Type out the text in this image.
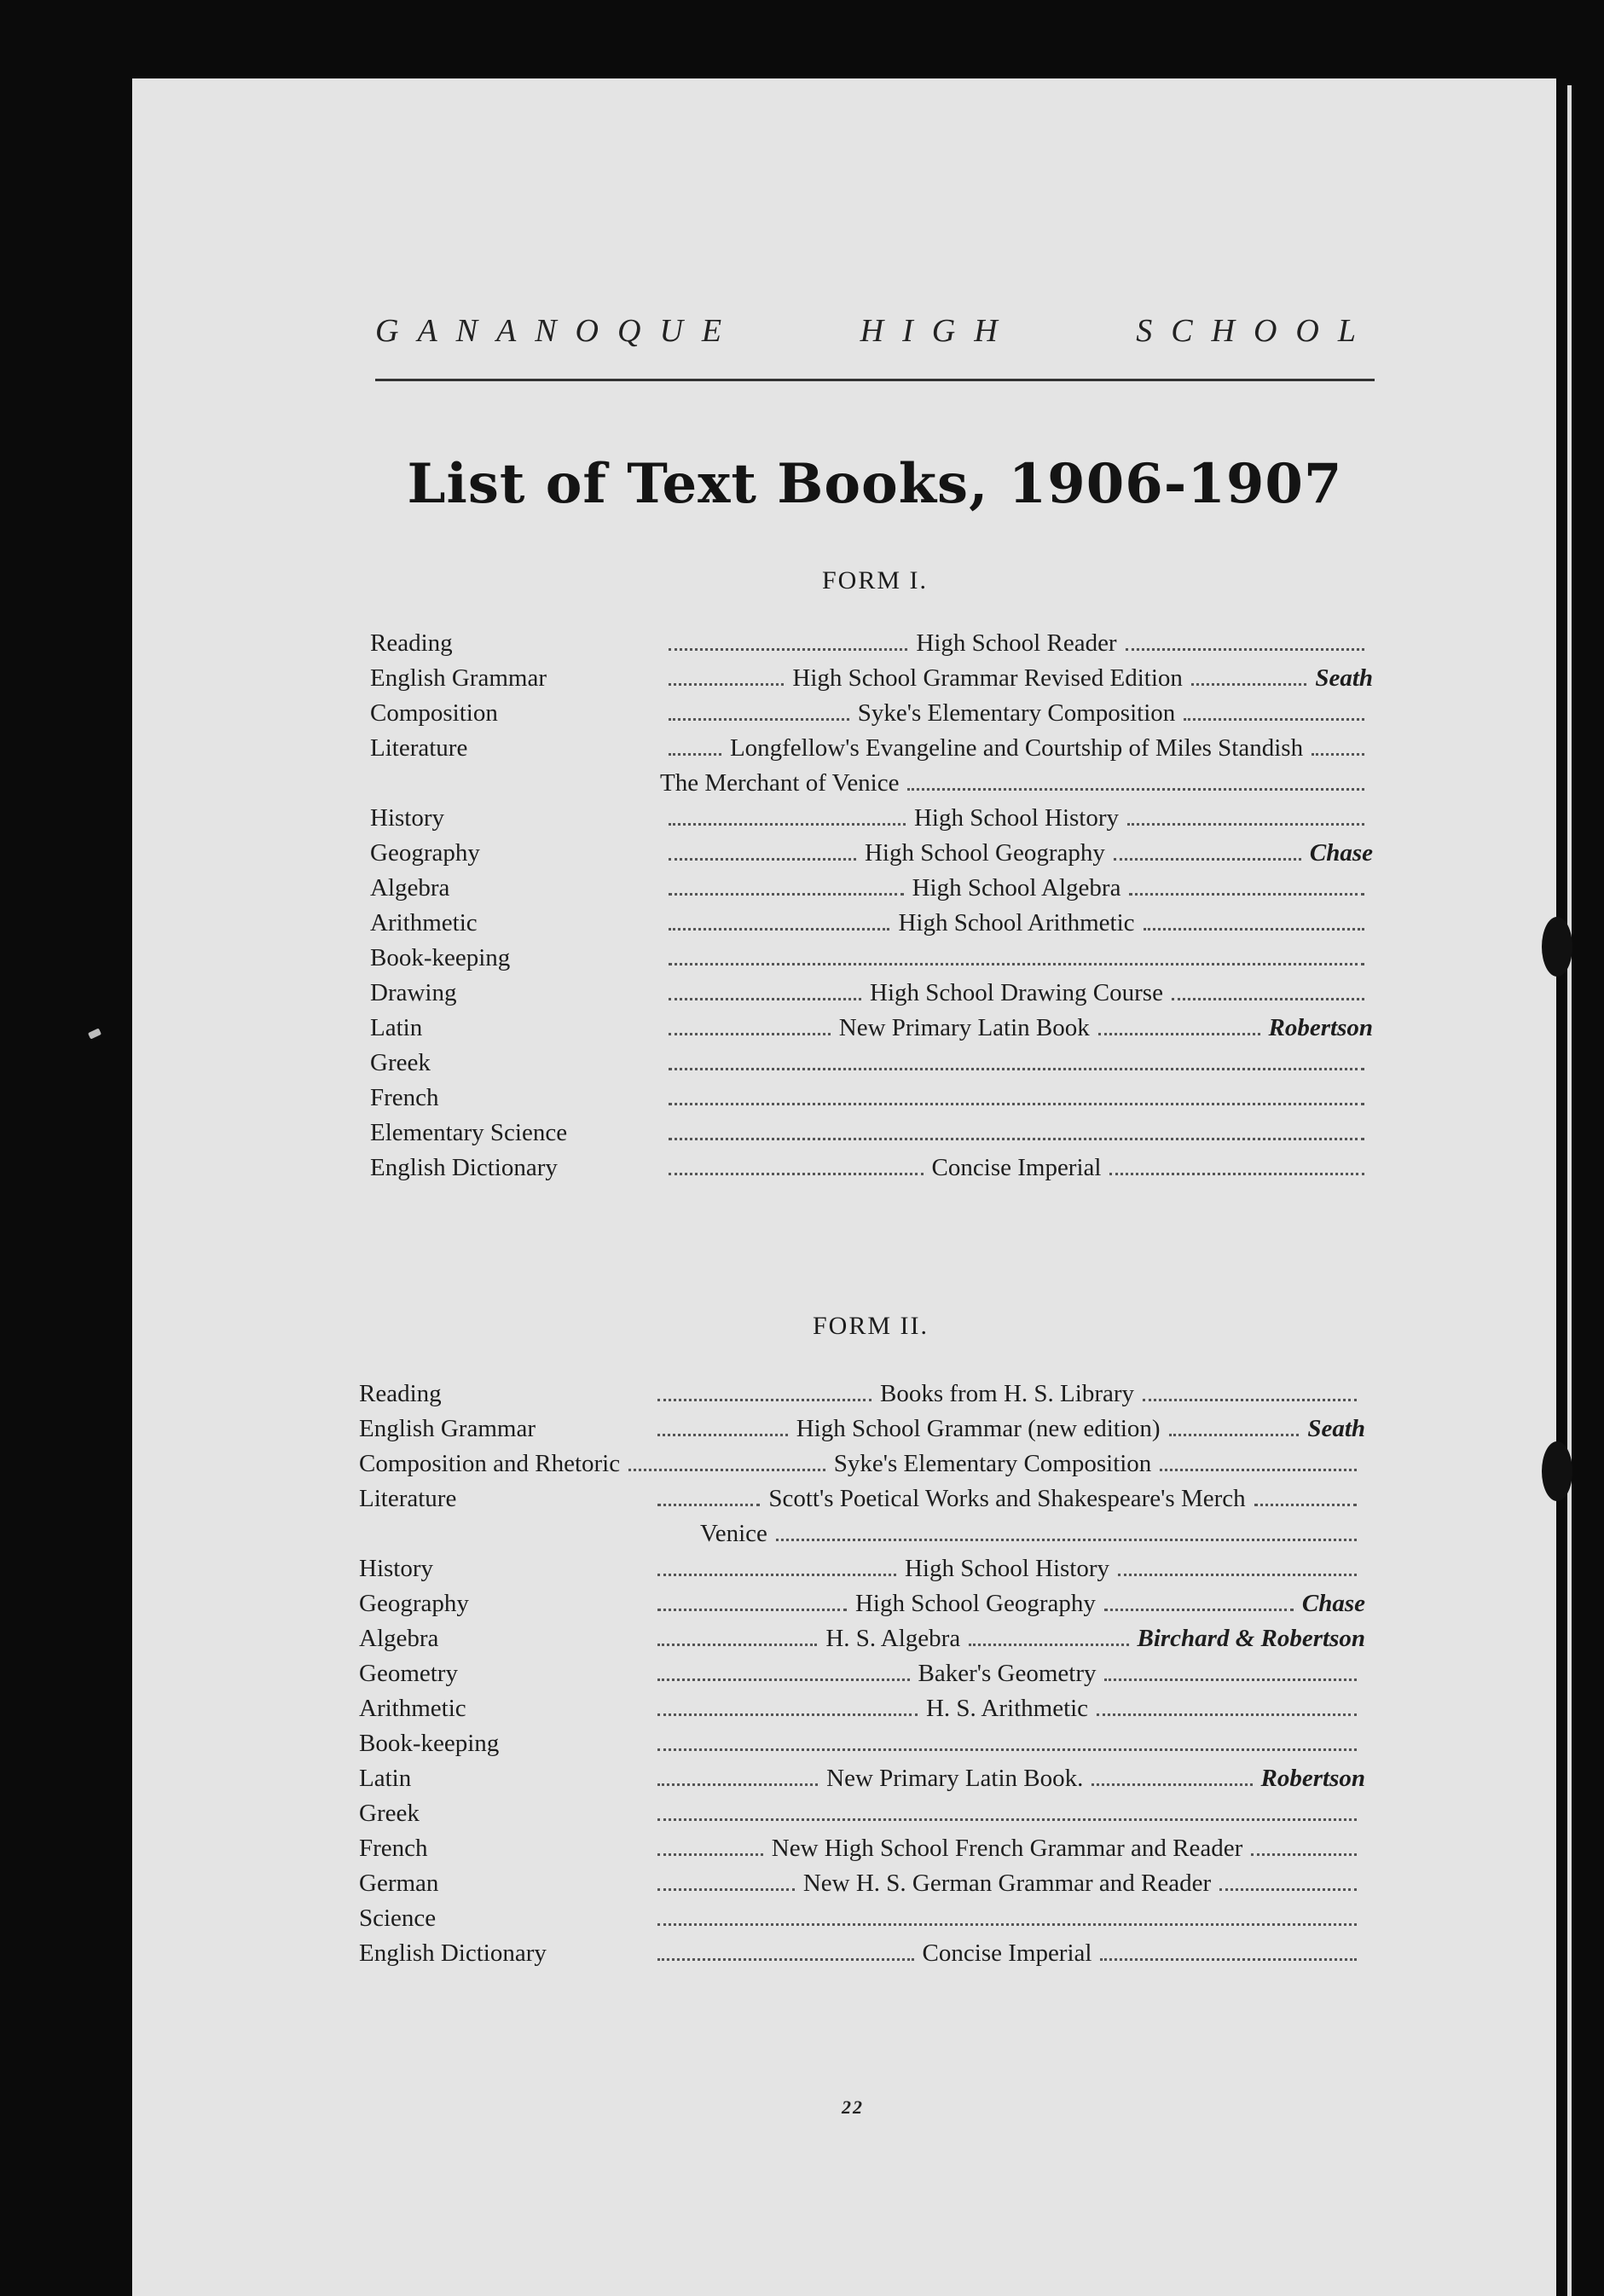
GANANOQUE	HIGH	SCHOOL
List of Text Books, 1906-1907
FORM I.
Reading	High School Reader
English Grammar	High School Grammar Revised Edition	Seath
Composition	Syke's Elementary Composition
Literature	Longfellow's Evangeline and Courtship of Miles Standish
The Merchant of Venice
History	High School History
Geography	High School Geography	Chase
Algebra	High School Algebra
Arithmetic	High School Arithmetic
Book-keeping
Drawing	High School Drawing Course
Latin	New Primary Latin Book	Robertson
Greek
French
Elementary Science
English Dictionary	Concise Imperial
FORM II.
Reading	Books from H. S. Library
English Grammar	High School Grammar (new edition)	Seath
Composition and Rhetoric	Syke's Elementary Composition
Literature	Scott's Poetical Works and Shakespeare's Merch
Venice
History	High School History
Geography	High School Geography	Chase
Algebra	H. S. Algebra	Birchard & Robertson
Geometry	Baker's Geometry
Arithmetic	H. S. Arithmetic
Book-keeping
Latin	New Primary Latin Book.	Robertson
Greek
French	New High School French Grammar and Reader
German	New H. S. German Grammar and Reader
Science
English Dictionary	Concise Imperial
22
